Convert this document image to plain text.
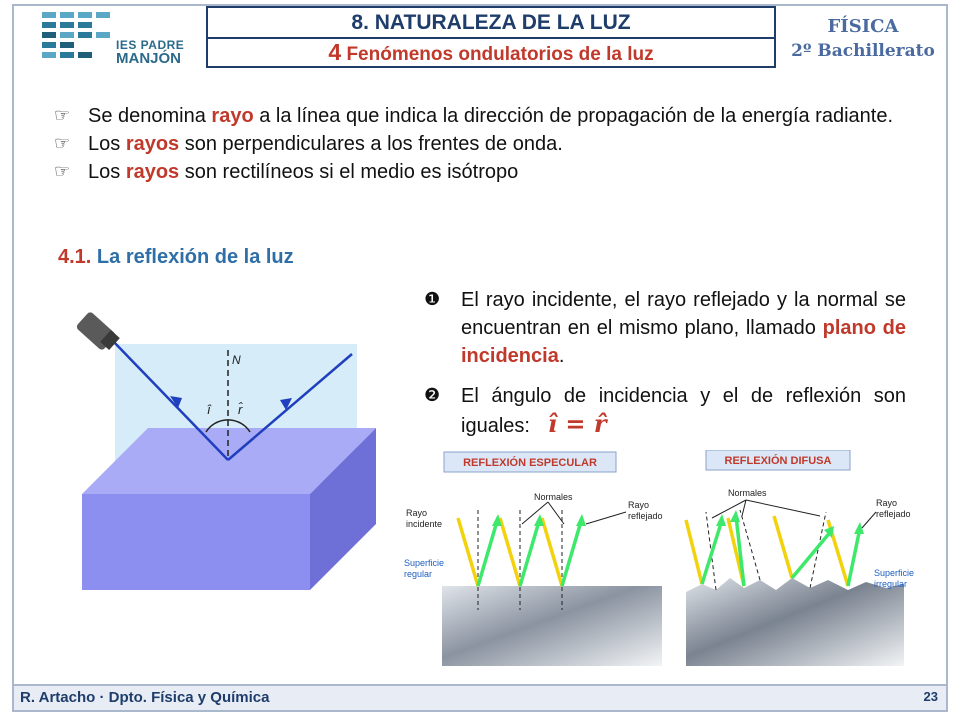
IES PADRE
MANJÓN
8. NATURALEZA DE LA LUZ
4 Fenómenos ondulatorios de la luz
FÍSICA
2º Bachillerato
☞ Se denomina rayo a la línea que indica la dirección de propagación de la energía radiante.
☞ Los rayos son perpendiculares a los frentes de onda.
☞ Los rayos son rectilíneos si el medio es isótropo
4.1. La reflexión de la luz
❶	El rayo incidente, el rayo reflejado y la normal se encuentran en el mismo plano, llamado plano de incidencia.
❷	El ángulo de incidencia y el de reflexión son iguales: î = r̂
N
î r̂
REFLEXIÓN ESPECULAR
Normales
Rayo
incidente
Rayo
reflejado
Superficie
regular
REFLEXIÓN DIFUSA
Normales
Rayo
reflejado
Superficie
irregular
R. Artacho · Dpto. Física y Química	23
